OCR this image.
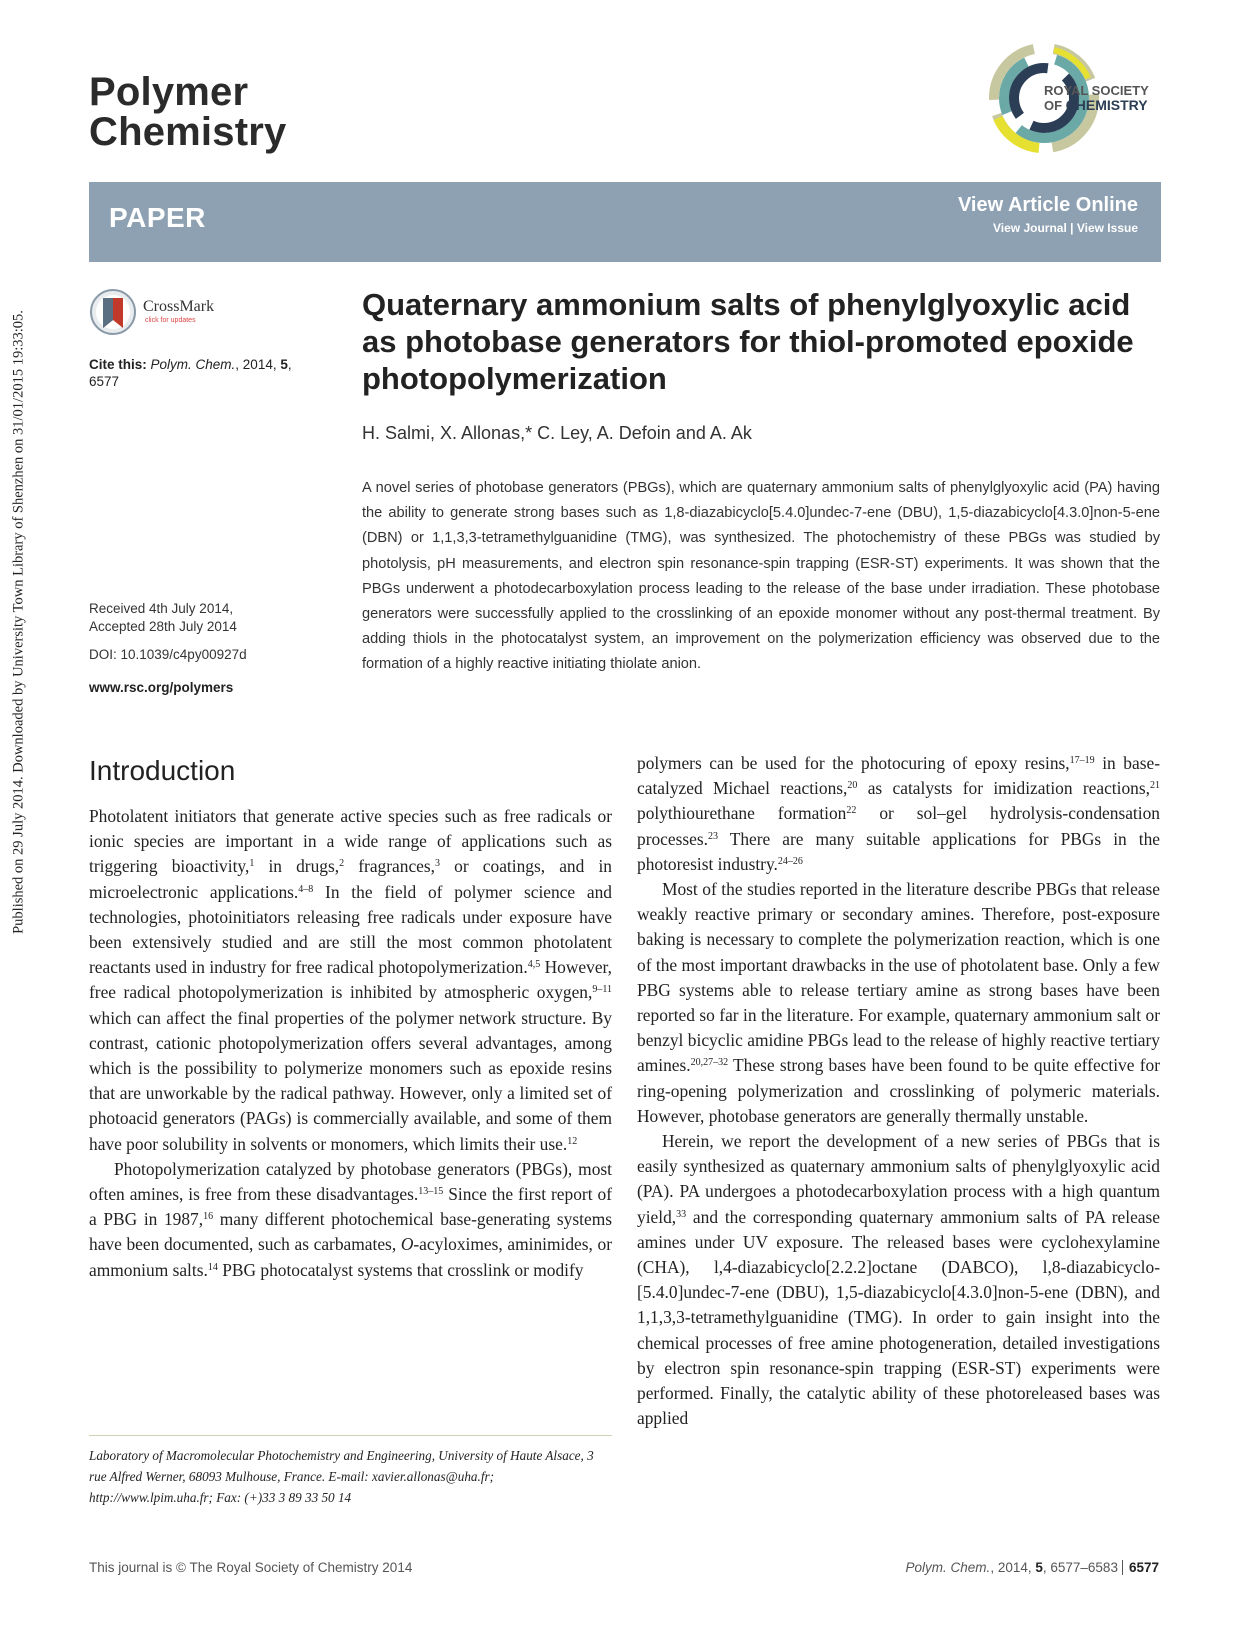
Published on 29 July 2014. Downloaded by University Town Library of Shenzhen on 31/01/2015 19:33:05.
Polymer
Chemistry
ROYAL SOCIETY
OF CHEMISTRY
PAPER	View Article Online
View Journal | View Issue
CrossMark
click for updates
Cite this: Polym. Chem., 2014, 5,
6577
Quaternary ammonium salts of phenylglyoxylic acid as photobase generators for thiol-promoted epoxide photopolymerization
H. Salmi, X. Allonas,* C. Ley, A. Defoin and A. Ak
Received 4th July 2014,
Accepted 28th July 2014
DOI: 10.1039/c4py00927d
www.rsc.org/polymers
A novel series of photobase generators (PBGs), which are quaternary ammonium salts of phenylglyoxylic acid (PA) having the ability to generate strong bases such as 1,8-diazabicyclo[5.4.0]undec-7-ene (DBU), 1,5-diazabicyclo[4.3.0]non-5-ene (DBN) or 1,1,3,3-tetramethylguanidine (TMG), was synthesized. The photochemistry of these PBGs was studied by photolysis, pH measurements, and electron spin resonance-spin trapping (ESR-ST) experiments. It was shown that the PBGs underwent a photodecarboxylation process leading to the release of the base under irradiation. These photobase generators were successfully applied to the crosslinking of an epoxide monomer without any post-thermal treatment. By adding thiols in the photocatalyst system, an improvement on the polymerization efficiency was observed due to the formation of a highly reactive initiating thiolate anion.
Introduction

Photolatent initiators that generate active species such as free radicals or ionic species are important in a wide range of applications such as triggering bioactivity,$^1$ in drugs,$^2$ fragrances,$^3$ or coatings, and in microelectronic applications.$^{4-8}$ In the field of polymer science and technologies, photoinitiators releasing free radicals under exposure have been extensively studied and are still the most common photolatent reactants used in industry for free radical photopolymerization.$^{4,5}$ However, free radical photopolymerization is inhibited by atmospheric oxygen,$^{9-11}$ which can affect the final properties of the polymer network structure. By contrast, cationic photopolymerization offers several advantages, among which is the possibility to polymerize monomers such as epoxide resins that are unworkable by the radical pathway. However, only a limited set of photoacid generators (PAGs) is commercially available, and some of them have poor solubility in solvents or monomers, which limits their use.$^{12}$

Photopolymerization catalyzed by photobase generators (PBGs), most often amines, is free from these disadvantages.$^{13-15}$ Since the first report of a PBG in 1987,16 many different photochemical base-generating systems have been documented, such as carbamates, O-acyloximes, aminimides, or ammonium salts.$^{14}$ PBG photocatalyst systems that crosslink or modify

polymers can be used for the photocuring of epoxy resins,$^{17-19}$ in base-catalyzed Michael reactions,$^{20}$ as catalysts for imidization reactions,$^{21}$ polythiourethane formation$^{22}$ or sol–gel hydrolysis-condensation processes.$^{23}$ There are many suitable applications for PBGs in the photoresist industry.$^{24-26}$

Most of the studies reported in the literature describe PBGs that release weakly reactive primary or secondary amines. Therefore, post-exposure baking is necessary to complete the polymerization reaction, which is one of the most important drawbacks in the use of photolatent base. Only a few PBG systems able to release tertiary amine as strong bases have been reported so far in the literature. For example, quaternary ammonium salt or benzyl bicyclic amidine PBGs lead to the release of highly reactive tertiary amines.$^{20,27-32}$ These strong bases have been found to be quite effective for ring-opening polymerization and crosslinking of polymeric materials. However, photobase generators are generally thermally unstable.

Herein, we report the development of a new series of PBGs that is easily synthesized as quaternary ammonium salts of phenylglyoxylic acid (PA). PA undergoes a photodecarboxylation process with a high quantum yield,$^{33}$ and the corresponding quaternary ammonium salts of PA release amines under UV exposure. The released bases were cyclohexylamine (CHA), l,4-diazabicyclo[2.2.2]octane (DABCO), l,8-diazabicyclo[5.4.0]undec-7-ene (DBU), 1,5-diazabicyclo[4.3.0]non-5-ene (DBN), and 1,1,3,3-tetramethylguanidine (TMG). In order to gain insight into the chemical processes of free amine photogeneration, detailed investigations by electron spin resonance-spin trapping (ESR-ST) experiments were performed. Finally, the catalytic ability of these photoreleased bases was applied

Laboratory of Macromolecular Photochemistry and Engineering, University of Haute Alsace, 3 rue Alfred Werner, 68093 Mulhouse, France. E-mail: xavier.allonas@uha.fr; http://www.lpim.uha.fr; Fax: (+)33 3 89 33 50 14
This journal is © The Royal Society of Chemistry 2014	Polym. Chem., 2014, 5, 6577–6583 6577
